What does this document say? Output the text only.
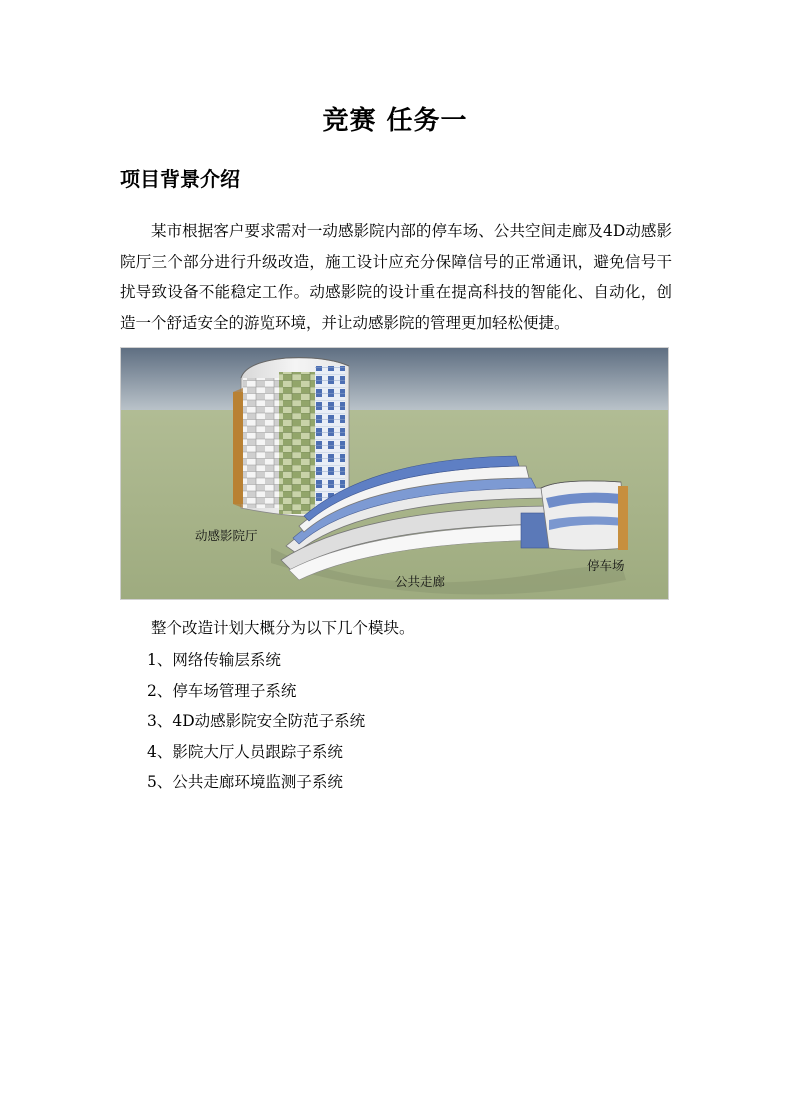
竞赛 任务一
项目背景介绍

某市根据客户要求需对一动感影院内部的停车场、公共空间走廊及4D动感影院厅三个部分进行升级改造，施工设计应充分保障信号的正常通讯，避免信号干扰导致设备不能稳定工作。动感影院的设计重在提高科技的智能化、自动化，创造一个舒适安全的游览环境，并让动感影院的管理更加轻松便捷。

动感影院厅
公共走廊
停车场
整个改造计划大概分为以下几个模块。
1、网络传输层系统
2、停车场管理子系统
3、4D动感影院安全防范子系统
4、影院大厅人员跟踪子系统
5、公共走廊环境监测子系统
